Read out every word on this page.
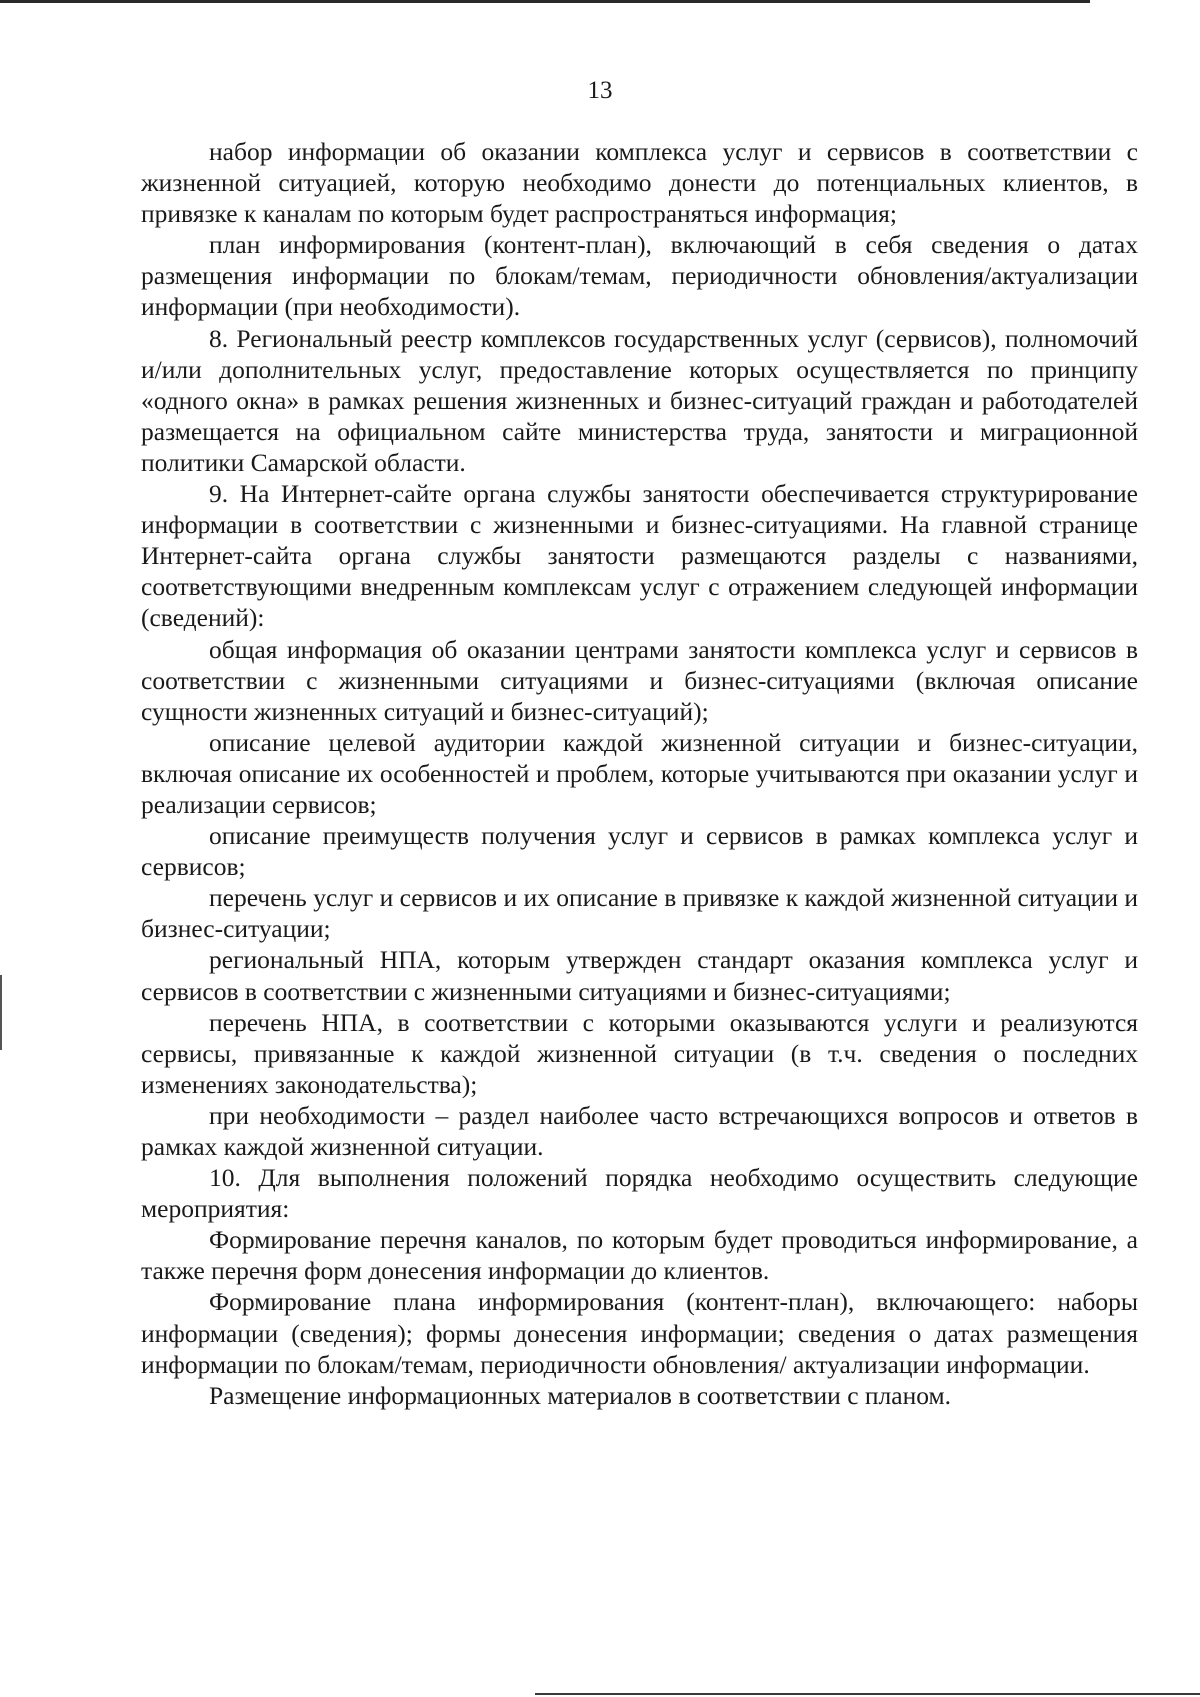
13

набор информации об оказании комплекса услуг и сервисов в соответствии с жизненной ситуацией, которую необходимо донести до потенциальных клиентов, в привязке к каналам по которым будет распространяться информация;

план информирования (контент-план), включающий в себя сведения о датах размещения информации по блокам/темам, периодичности обновления/актуализации информации (при необходимости).

8. Региональный реестр комплексов государственных услуг (сервисов), полномочий и/или дополнительных услуг, предоставление которых осуществляется по принципу «одного окна» в рамках решения жизненных и бизнес-ситуаций граждан и работодателей размещается на официальном сайте министерства труда, занятости и миграционной политики Самарской области.

9. На Интернет-сайте органа службы занятости обеспечивается структурирование информации в соответствии с жизненными и бизнес-ситуациями. На главной странице Интернет-сайта органа службы занятости размещаются разделы с названиями, соответствующими внедренным комплексам услуг с отражением следующей информации (сведений):

общая информация об оказании центрами занятости комплекса услуг и сервисов в соответствии с жизненными ситуациями и бизнес-ситуациями (включая описание сущности жизненных ситуаций и бизнес-ситуаций);

описание целевой аудитории каждой жизненной ситуации и бизнес-ситуации, включая описание их особенностей и проблем, которые учитываются при оказании услуг и реализации сервисов;

описание преимуществ получения услуг и сервисов в рамках комплекса услуг и сервисов;

перечень услуг и сервисов и их описание в привязке к каждой жизненной ситуации и бизнес-ситуации;

региональный НПА, которым утвержден стандарт оказания комплекса услуг и сервисов в соответствии с жизненными ситуациями и бизнес-ситуациями;

перечень НПА, в соответствии с которыми оказываются услуги и реализуются сервисы, привязанные к каждой жизненной ситуации (в т.ч. сведения о последних изменениях законодательства);

при необходимости – раздел наиболее часто встречающихся вопросов и ответов в рамках каждой жизненной ситуации.

10. Для выполнения положений порядка необходимо осуществить следующие мероприятия:

Формирование перечня каналов, по которым будет проводиться информирование, а также перечня форм донесения информации до клиентов.

Формирование плана информирования (контент-план), включающего: наборы информации (сведения); формы донесения информации; сведения о датах размещения информации по блокам/темам, периодичности обновления/ актуализации информации.

Размещение информационных материалов в соответствии с планом.
